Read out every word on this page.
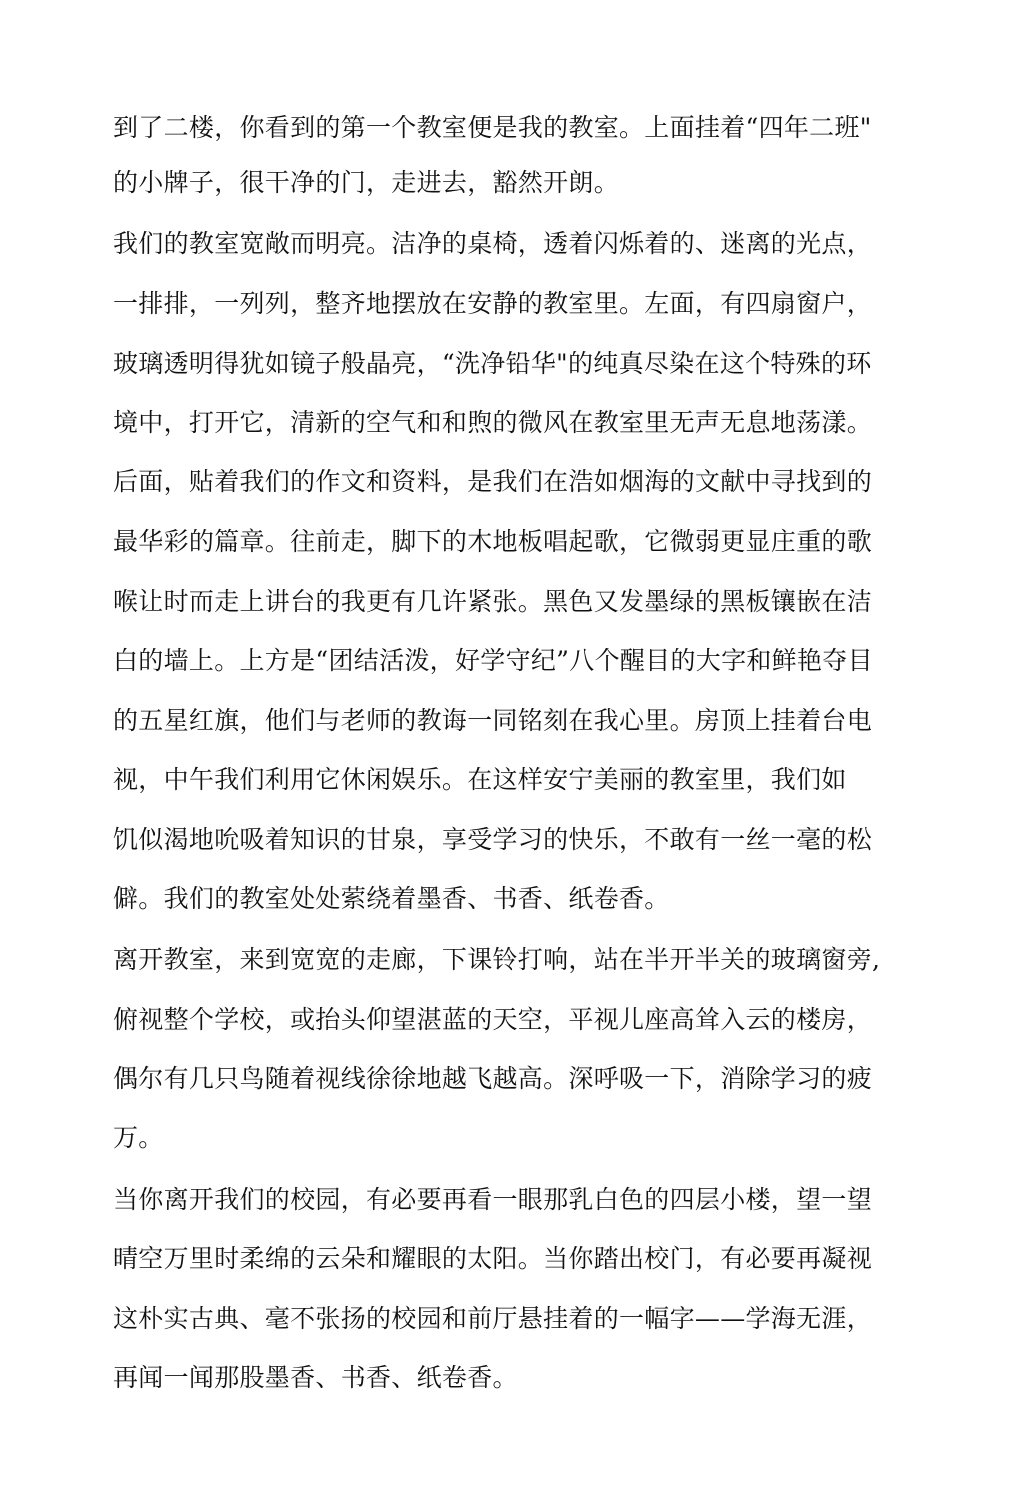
到了二楼，你看到的第一个教室便是我的教室。上面挂着“四年二班"
的小牌子，很干净的门，走进去，豁然开朗。
我们的教室宽敞而明亮。洁净的桌椅，透着闪烁着的、迷离的光点，
一排排，一列列，整齐地摆放在安静的教室里。左面，有四扇窗户，
玻璃透明得犹如镜子般晶亮，“洗净铅华"的纯真尽染在这个特殊的环
境中，打开它，清新的空气和和煦的微风在教室里无声无息地荡漾。
后面，贴着我们的作文和资料，是我们在浩如烟海的文献中寻找到的
最华彩的篇章。往前走，脚下的木地板唱起歌，它微弱更显庄重的歌
喉让时而走上讲台的我更有几许紧张。黑色又发墨绿的黑板镶嵌在洁
白的墙上。上方是“团结活泼，好学守纪”八个醒目的大字和鲜艳夺目
的五星红旗，他们与老师的教诲一同铭刻在我心里。房顶上挂着台电
视，中午我们利用它休闲娱乐。在这样安宁美丽的教室里，我们如
饥似渴地吮吸着知识的甘泉，享受学习的快乐，不敢有一丝一毫的松
僻。我们的教室处处萦绕着墨香、书香、纸卷香。
离开教室，来到宽宽的走廊，下课铃打响，站在半开半关的玻璃窗旁,
俯视整个学校，或抬头仰望湛蓝的天空，平视儿座高耸入云的楼房，
偶尔有几只鸟随着视线徐徐地越飞越高。深呼吸一下，消除学习的疲
万。
当你离开我们的校园，有必要再看一眼那乳白色的四层小楼，望一望
晴空万里时柔绵的云朵和耀眼的太阳。当你踏出校门，有必要再凝视
这朴实古典、毫不张扬的校园和前厅悬挂着的一幅字——学海无涯，
再闻一闻那股墨香、书香、纸卷香。
